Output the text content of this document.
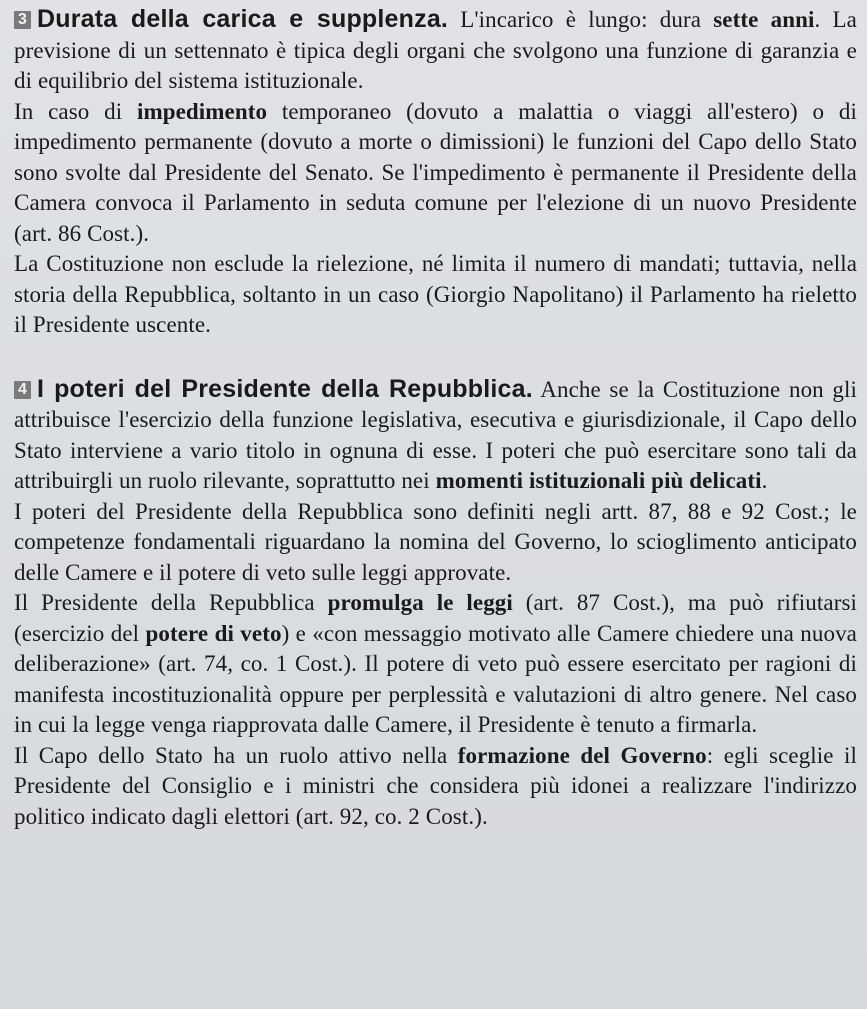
3 Durata della carica e supplenza. L'incarico è lungo: dura sette anni. La previsione di un settennato è tipica degli organi che svolgono una funzione di garanzia e di equilibrio del sistema istituzionale.

In caso di impedimento temporaneo (dovuto a malattia o viaggi all'estero) o di impedimento permanente (dovuto a morte o dimissioni) le funzioni del Capo dello Stato sono svolte dal Presidente del Senato. Se l'impedimento è permanente il Presidente della Camera convoca il Parlamento in seduta comune per l'elezione di un nuovo Presidente (art. 86 Cost.).

La Costituzione non esclude la rielezione, né limita il numero di mandati; tuttavia, nella storia della Repubblica, soltanto in un caso (Giorgio Napolitano) il Parlamento ha rieletto il Presidente uscente.

4 I poteri del Presidente della Repubblica. Anche se la Costituzione non gli attribuisce l'esercizio della funzione legislativa, esecutiva e giurisdizionale, il Capo dello Stato interviene a vario titolo in ognuna di esse. I poteri che può esercitare sono tali da attribuirgli un ruolo rilevante, soprattutto nei momenti istituzionali più delicati.

I poteri del Presidente della Repubblica sono definiti negli artt. 87, 88 e 92 Cost.; le competenze fondamentali riguardano la nomina del Governo, lo scioglimento anticipato delle Camere e il potere di veto sulle leggi approvate.

Il Presidente della Repubblica promulga le leggi (art. 87 Cost.), ma può rifiutarsi (esercizio del potere di veto) e «con messaggio motivato alle Camere chiedere una nuova deliberazione» (art. 74, co. 1 Cost.). Il potere di veto può essere esercitato per ragioni di manifesta incostituzionalità oppure per perplessità e valutazioni di altro genere. Nel caso in cui la legge venga riapprovata dalle Camere, il Presidente è tenuto a firmarla.

Il Capo dello Stato ha un ruolo attivo nella formazione del Governo: egli sceglie il Presidente del Consiglio e i ministri che considera più idonei a realizzare l'indirizzo politico indicato dagli elettori (art. 92, co. 2 Cost.).
